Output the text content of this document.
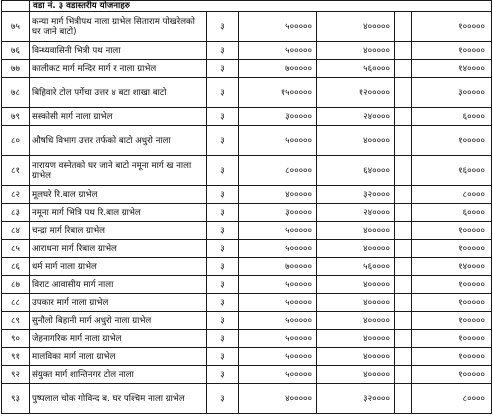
	वडा नं. ३ वडास्तरीय योजनाहरु					
७५	कन्या मार्ग भित्रीपथ नाला ग्राभेल सिताराम पोखरेलको घर जाने बाटो)	३	५०००००	४०००००		१०००००
७६	विन्ध्यवासिनी भित्री पथ नाला	३	५०००००	४०००००		१०००००
७७	कालीकट मार्ग मन्दिर मार्ग र नाला ग्राभेल	३	७०००००	५६००००		१४००००
७८	बिहिवारे टोल पर्गेचा उत्तर ४ बटा शाखा बाटो	३	१५०००००	१२०००००		३०००००
७९	सस्कोसी मार्ग नाला ग्राभेल	३	३०००००	२४००००		६००००
८०	औषधि विभाग उत्तर तर्फको बाटो अधुरो नाला	३	५०००००	४०००००		१०००००
८१	नारायण वस्नेतको घर जाने बाटो नमूना मार्ग ख नाला ग्राभेल	३	८०००००	६४००००		१६००००
८२	मूलघरे रि.बाल ग्राभेल	३	४०००००	३२००००		८००००
८३	नमूना मार्ग भित्रि पथ रि.बाल ग्राभेल	३	३०००००	२४००००		६००००
८४	चन्द्रा मार्ग रिबाल ग्राभेल	३	५०००००	४०००००		१०००००
८५	आराधना मार्ग रिबाल ग्राभेल	३	५०००००	४०००००		१०००००
८६	धर्म मार्ग नाला ग्राभेल	३	७०००००	५६००००		१४००००
८७	विराट आवासीय मार्ग नाला	३	५०००००	४०००००		१०००००
८८	उपकार मार्ग नाला ग्राभेल	३	५०००००	४०००००		१०००००
८९	सुनौलो बिहानी मार्ग अधुरो नाला ग्राभेल	३	५०००००	४०००००		१०००००
९०	जेहनागरिक मार्ग नाला ग्राभेल	३	५०००००	४०००००		१०००००
९१	मालविका मार्ग नाला ग्राभेल	३	५०००००	४०००००		१०००००
९२	संयुक्त मार्ग शान्तिनगर टोल नाला	३	५०००००	४०००००		१०००००
९३	पुष्पलाल चोक गोविन्द ब. घर पश्चिम नाला ग्राभेल	३	४०००००	३२००००		८००००
